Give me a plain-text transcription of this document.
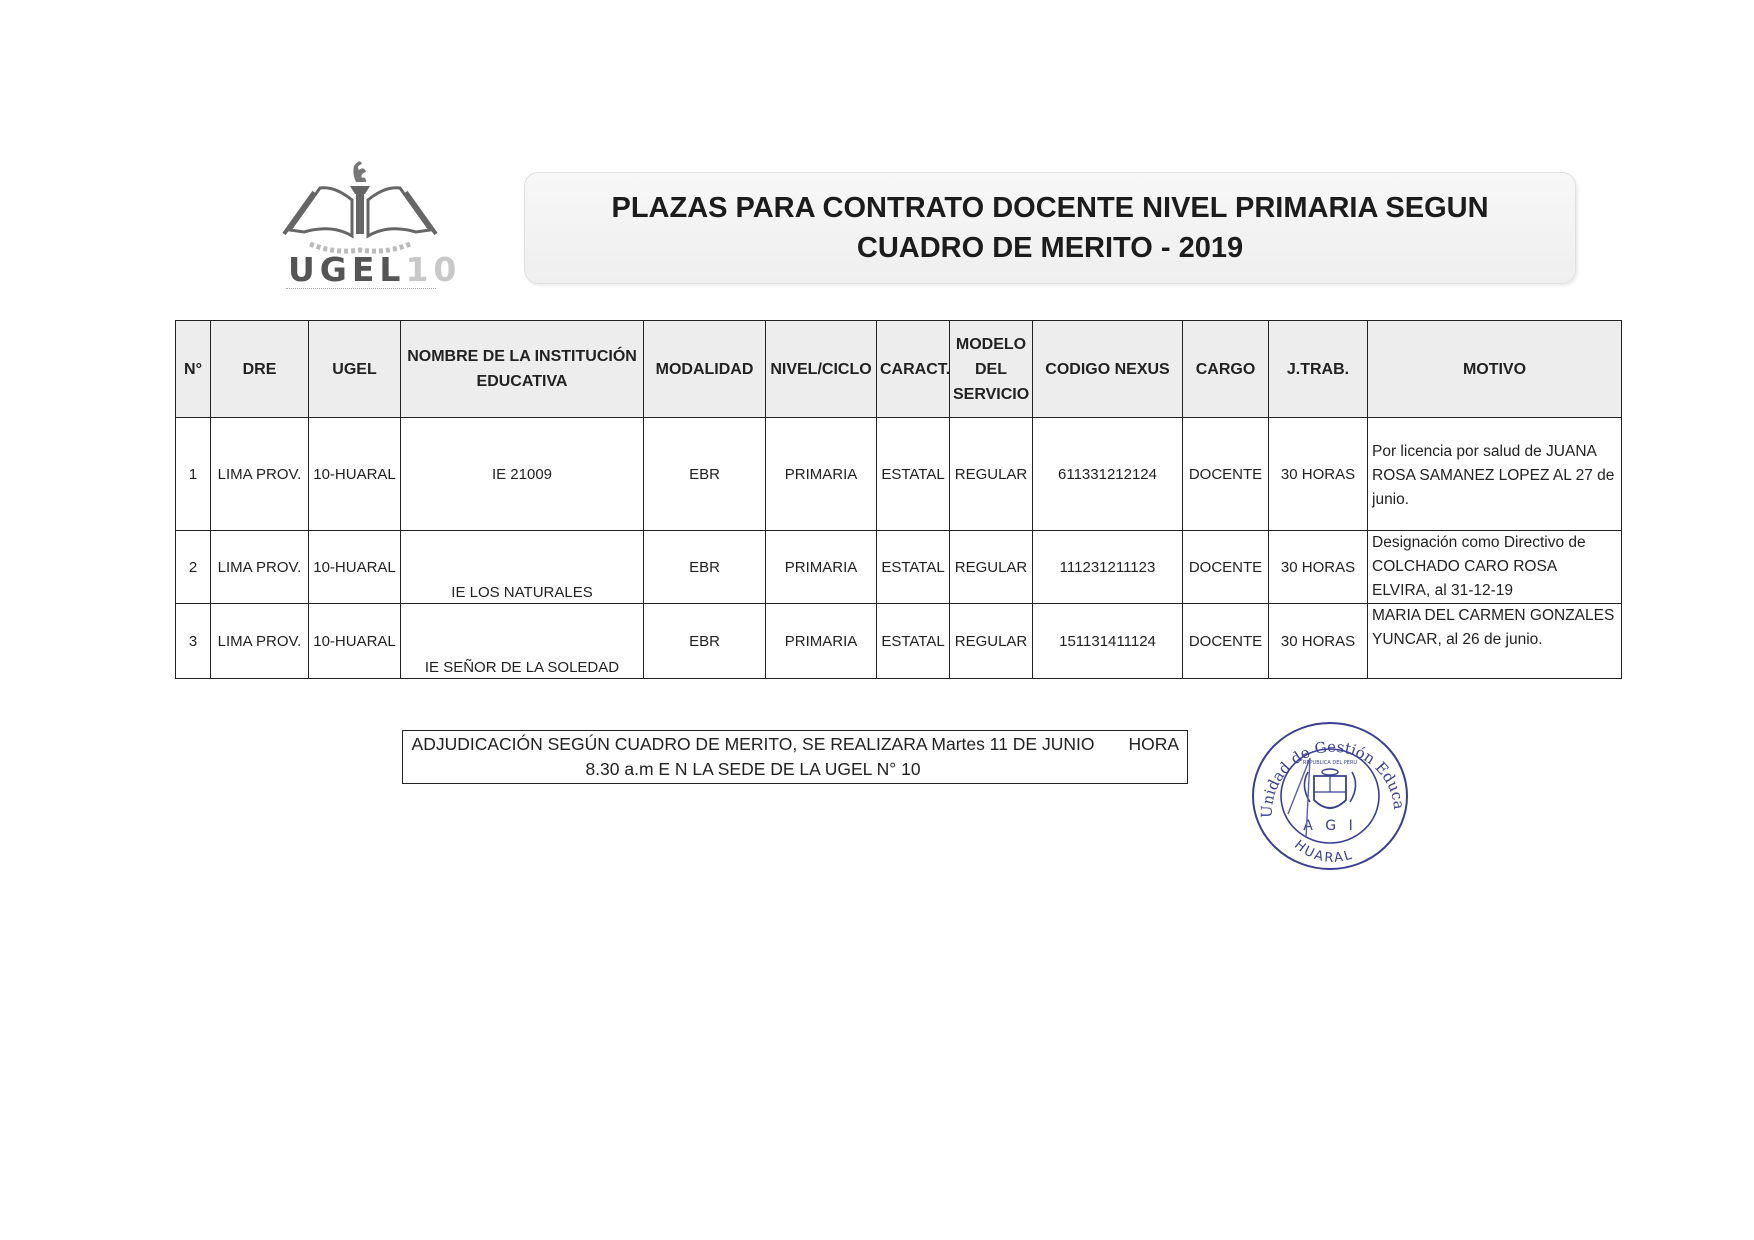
UGEL10
PLAZAS PARA CONTRATO DOCENTE NIVEL PRIMARIA SEGUN CUADRO DE MERITO - 2019
N°	DRE	UGEL	NOMBRE DE LA INSTITUCIÓN EDUCATIVA	MODALIDAD	NIVEL/CICLO	CARACT.	MODELO DEL SERVICIO	CODIGO NEXUS	CARGO	J.TRAB.	MOTIVO
1	LIMA PROV.	10-HUARAL	IE 21009	EBR	PRIMARIA	ESTATAL	REGULAR	611331212124	DOCENTE	30 HORAS	Por licencia por salud de JUANA ROSA SAMANEZ LOPEZ AL 27 de junio.
2	LIMA PROV.	10-HUARAL	IE LOS NATURALES	EBR	PRIMARIA	ESTATAL	REGULAR	111231211123	DOCENTE	30 HORAS	Designación como Directivo de COLCHADO CARO ROSA ELVIRA, al 31-12-19
3	LIMA PROV.	10-HUARAL	IE SEÑOR DE LA SOLEDAD	EBR	PRIMARIA	ESTATAL	REGULAR	151131411124	DOCENTE	30 HORAS	MARIA DEL CARMEN GONZALES YUNCAR, al 26 de junio.
ADJUDICACIÓN SEGÚN CUADRO DE MERITO, SE REALIZARA Martes 11 DE JUNIO 8.30 a.m E N LA SEDE DE LA UGEL N° 10
HORA
Unidad de Gestión Educa
REPUBLICA DEL PERU
A G I
HUARAL
